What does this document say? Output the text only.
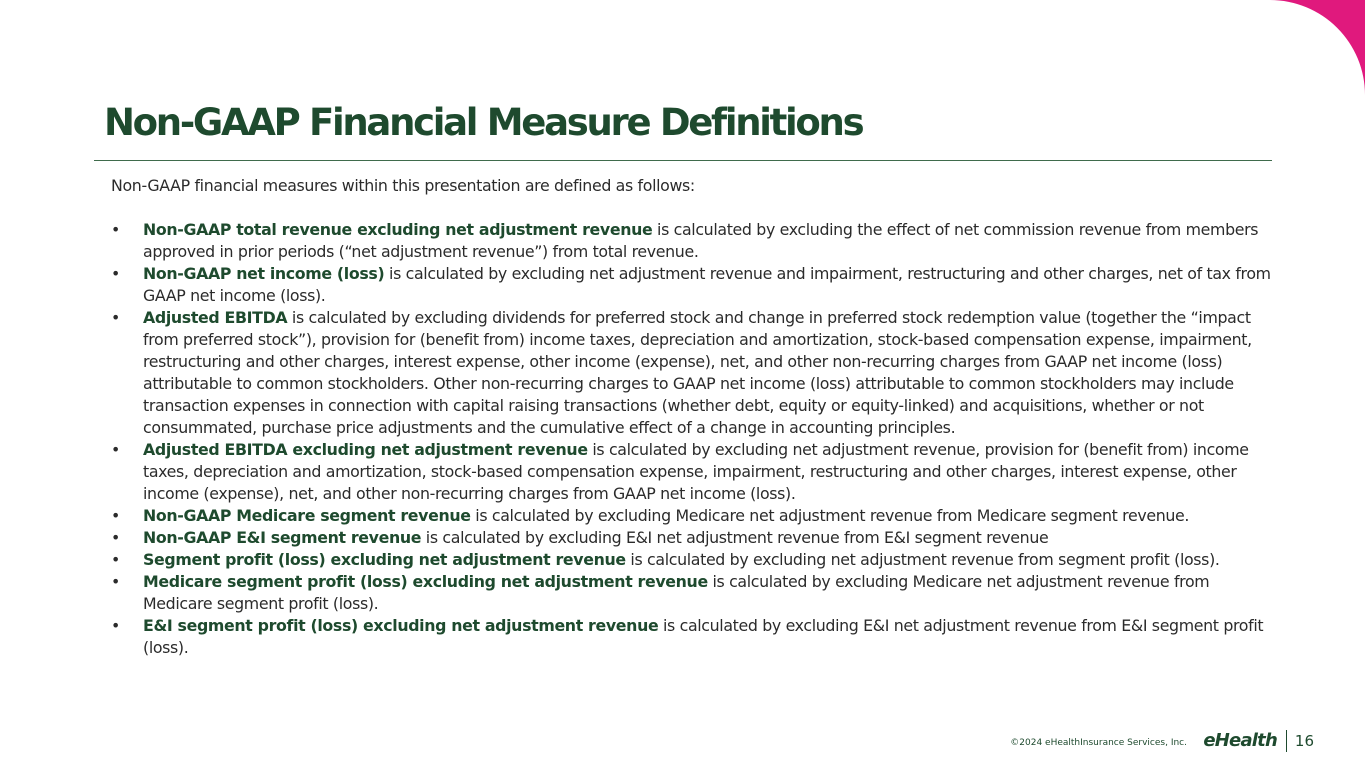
Non-GAAP Financial Measure Definitions

Non-GAAP financial measures within this presentation are defined as follows:

• Non-GAAP total revenue excluding net adjustment revenue is calculated by excluding the effect of net commission revenue from members approved in prior periods (“net adjustment revenue”) from total revenue.
• Non-GAAP net income (loss) is calculated by excluding net adjustment revenue and impairment, restructuring and other charges, net of tax from GAAP net income (loss).
• Adjusted EBITDA is calculated by excluding dividends for preferred stock and change in preferred stock redemption value (together the “impact from preferred stock”), provision for (benefit from) income taxes, depreciation and amortization, stock-based compensation expense, impairment, restructuring and other charges, interest expense, other income (expense), net, and other non-recurring charges from GAAP net income (loss) attributable to common stockholders. Other non-recurring charges to GAAP net income (loss) attributable to common stockholders may include transaction expenses in connection with capital raising transactions (whether debt, equity or equity-linked) and acquisitions, whether or not consummated, purchase price adjustments and the cumulative effect of a change in accounting principles.
• Adjusted EBITDA excluding net adjustment revenue is calculated by excluding net adjustment revenue, provision for (benefit from) income taxes, depreciation and amortization, stock-based compensation expense, impairment, restructuring and other charges, interest expense, other income (expense), net, and other non-recurring charges from GAAP net income (loss).
• Non-GAAP Medicare segment revenue is calculated by excluding Medicare net adjustment revenue from Medicare segment revenue.
• Non-GAAP E&I segment revenue is calculated by excluding E&I net adjustment revenue from E&I segment revenue
• Segment profit (loss) excluding net adjustment revenue is calculated by excluding net adjustment revenue from segment profit (loss).
• Medicare segment profit (loss) excluding net adjustment revenue is calculated by excluding Medicare net adjustment revenue from Medicare segment profit (loss).
• E&I segment profit (loss) excluding net adjustment revenue is calculated by excluding E&I net adjustment revenue from E&I segment profit (loss).
©2024 eHealthInsurance Services, Inc. eHealth 16
